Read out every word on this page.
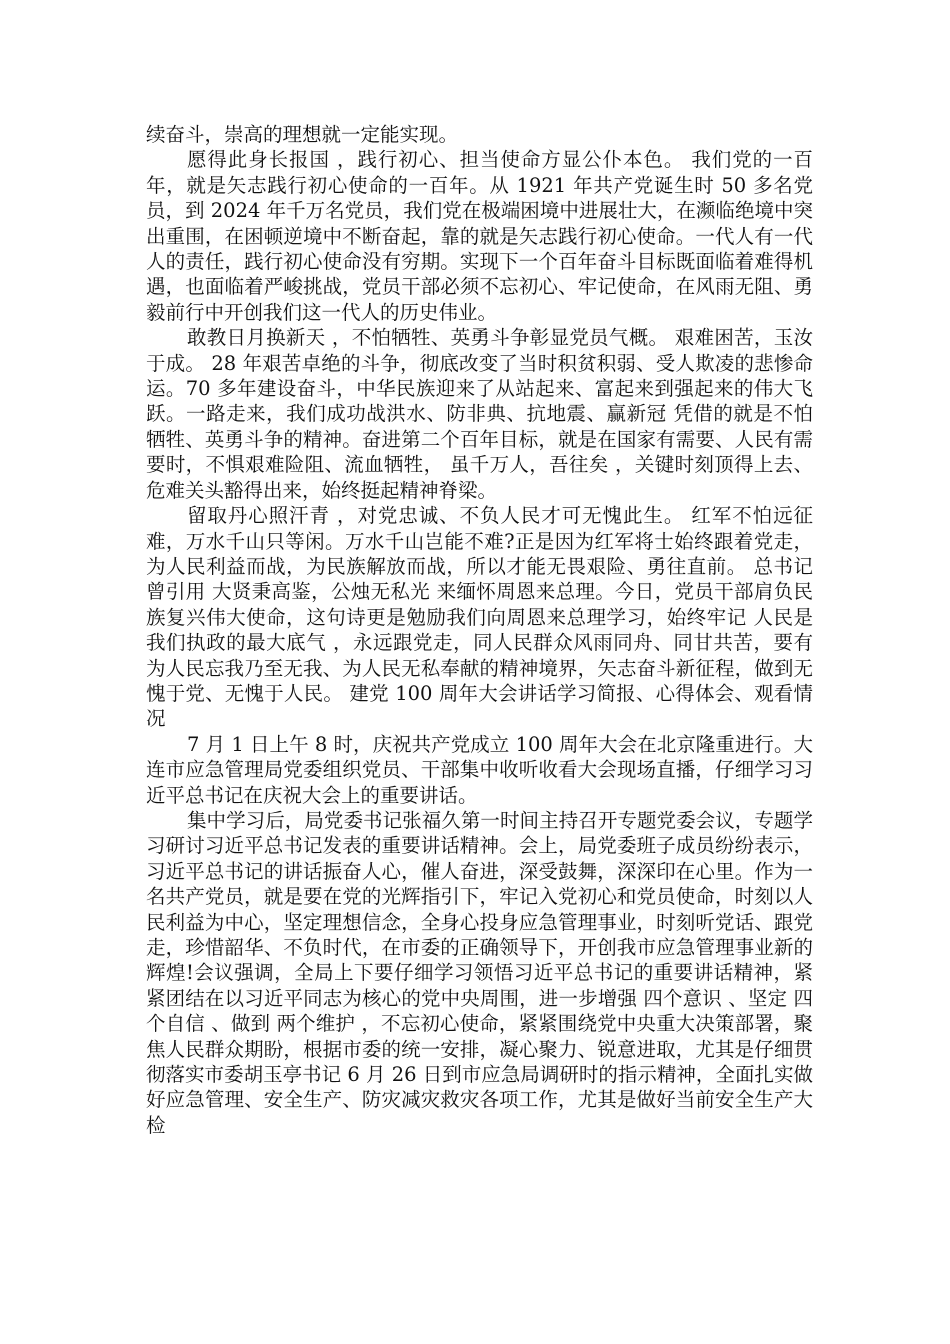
续奋斗，崇高的理想就一定能实现。

愿得此身长报国 ，践行初心、担当使命方显公仆本色。 我们党的一百年，就是矢志践行初心使命的一百年。从 1921 年共产党诞生时 50 多名党员，到 2024 年千万名党员，我们党在极端困境中进展壮大，在濒临绝境中突出重围，在困顿逆境中不断奋起，靠的就是矢志践行初心使命。一代人有一代人的责任，践行初心使命没有穷期。实现下一个百年奋斗目标既面临着难得机遇，也面临着严峻挑战，党员干部必须不忘初心、牢记使命，在风雨无阻、勇毅前行中开创我们这一代人的历史伟业。

敢教日月换新天 ，不怕牺牲、英勇斗争彰显党员气概。 艰难困苦，玉汝于成。 28 年艰苦卓绝的斗争，彻底改变了当时积贫积弱、受人欺凌的悲惨命运。70 多年建设奋斗，中华民族迎来了从站起来、富起来到强起来的伟大飞跃。一路走来，我们成功战洪水、防非典、抗地震、赢新冠 凭借的就是不怕牺牲、英勇斗争的精神。奋进第二个百年目标，就是在国家有需要、人民有需要时，不惧艰难险阻、流血牺牲， 虽千万人，吾往矣 ，关键时刻顶得上去、危难关头豁得出来，始终挺起精神脊梁。

留取丹心照汗青 ，对党忠诚、不负人民才可无愧此生。 红军不怕远征难，万水千山只等闲。万水千山岂能不难?正是因为红军将士始终跟着党走，为人民利益而战，为民族解放而战，所以才能无畏艰险、勇往直前。 总书记曾引用 大贤秉高鉴，公烛无私光 来缅怀周恩来总理。今日，党员干部肩负民族复兴伟大使命，这句诗更是勉励我们向周恩来总理学习，始终牢记 人民是我们执政的最大底气 ，永远跟党走，同人民群众风雨同舟、同甘共苦，要有为人民忘我乃至无我、为人民无私奉献的精神境界，矢志奋斗新征程，做到无愧于党、无愧于人民。 建党 100 周年大会讲话学习简报、心得体会、观看情况

7 月 1 日上午 8 时，庆祝共产党成立 100 周年大会在北京隆重进行。大连市应急管理局党委组织党员、干部集中收听收看大会现场直播，仔细学习习近平总书记在庆祝大会上的重要讲话。

集中学习后，局党委书记张福久第一时间主持召开专题党委会议，专题学习研讨习近平总书记发表的重要讲话精神。会上，局党委班子成员纷纷表示，习近平总书记的讲话振奋人心，催人奋进，深受鼓舞，深深印在心里。作为一名共产党员，就是要在党的光辉指引下，牢记入党初心和党员使命，时刻以人民利益为中心，坚定理想信念，全身心投身应急管理事业，时刻听党话、跟党走，珍惜韶华、不负时代，在市委的正确领导下，开创我市应急管理事业新的辉煌!会议强调，全局上下要仔细学习领悟习近平总书记的重要讲话精神，紧紧团结在以习近平同志为核心的党中央周围，进一步增强 四个意识 、坚定 四个自信 、做到 两个维护 ，不忘初心使命，紧紧围绕党中央重大决策部署，聚焦人民群众期盼，根据市委的统一安排，凝心聚力、锐意进取，尤其是仔细贯彻落实市委胡玉亭书记 6 月 26 日到市应急局调研时的指示精神，全面扎实做好应急管理、安全生产、防灾减灾救灾各项工作，尤其是做好当前安全生产大检
